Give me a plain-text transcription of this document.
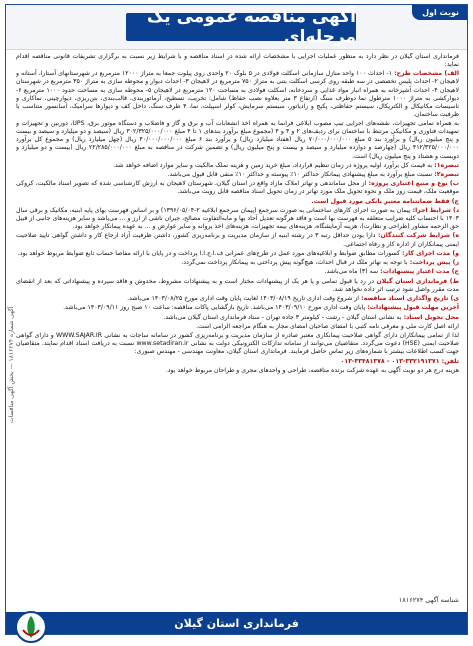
نوبت اول
آگهی مناقصه عمومی یک مرحله‌ای
آگهی شماره ۱۸۱۶۲۷۴ — بخش آگهی مناقصات

فرمانداری استان گیلان در نظر دارد به منظور عملیات اجرایی با مشخصات ارائه شده در اسناد مناقصه و با شرایط زیر نسبت به برگزاری تشریفات قانونی مناقصه اقدام نماید:

الف) مشخصات طرح: ۱- احداث ۱۰۰ واحد منازل سازمانی اسکلت فولادی در ۵ بلوک ۲۰ واحدی روی پیلوت جمعا به متراژ ۱۲۰۰۰ مترمربع در شهرستانهای آستارا، آستانه و لاهیجان ۲- احداث پلیس تخصصی در سه طبقه روی کرسی اسکلت بتنی به متراژ ۷۵۰ مترمربع در لاهیجان ۳- احداث دیوار و محوطه سازی به متراژ ۳۵۰ مترمربع در شهرستان لاهیجان ۴- احداث آشپزخانه به همراه انبار مواد غذایی و سردخانه، اسکلت فولادی به مساحت ۱۲۰ مترمربع در لاهیجان ۵- محوطه سازی به مساحت حدود ۱۰۰۰ مترمربع ۶- دیوارکشی به متراژ ۱۰۰۰ مترطول نما دوطرف سنگ (ارتفاع ۳ متر بعلاوه نصب حفاظ) شامل: تخریب، تسطیح، آرماتوربندی، قالب‌بندی، بتن‌ریزی، دیوارچینی، نماکاری و تاسیسات مکانیکال و الکتریکال، سیستم حفاظتی، پکیج و رادیاتور، سیستم سرمایش، کولر اسپیلت، نما، ۴ طرف سنگ، داخل کف و دیوارها سرامیک، آسانسور متناسب با ظرفیت ساختمان.

به همراه تمامی تجهیزات، نقشه‌های اجرایی تیپ مصوب ابلاغی فرانما به همراه اخذ انشعابات آب و برق و گاز و فاضلاب و دستگاه موتور برق، UPS، دوربین و تجهیزات و تمهیدات فناوری و مکانیکی مرتبط با ساختمان برای ردیف‌های ۲ و ۳ و ۴ (مجموع مبلغ برآورد بندهای ۱ تا ۴ مبلغ ۳۰۲/۳۲۵/۰۰۰/۰۰۰ ریال (سیصد و دو میلیارد و سیصد و بیست و پنج میلیون ریال) و برآورد بند ۵ مبلغ ۷۰/۰۰۰/۰۰۰/۰۰۰ ریال (هفتاد میلیارد ریال) و برآورد بند ۶ مبلغ ۴۰/۰۰۰/۰۰۰/۰۰۰ ریال (چهل میلیارد ریال) و مجموع کل برآورد ۴۱۲/۳۲۵/۰۰۰/۰۰۰ ریال (چهارصد و دوازده میلیارد و سیصد و بیست و پنج میلیون ریال) و تضمین شرکت در مناقصه به مبلغ ۲۲/۲۸۵/۰۰۰/۰۰۰ ریال (بیست و دو میلیارد و دویست و هشتاد و پنج میلیون ریال) است.

تبصره۱: به قیمت کل برآورد اولیه پروژه در زمان تنظیم قرارداد، مبلغ خرید زمین و هزینه تملک مالکیت و سایر موارد اضافه خواهد شد.

تبصره۲: نسبت مبلغ برآورد به مبلغ پیشنهادی پیمانکار حداکثر ۱۰٪ پیوسته و حداکثر ۱۰٪ منفی قابل قبول می‌باشد.

ب) نوع و منبع اعتباری پروژه: از محل ساماندهی و تهاتر املاک مازاد واقع در استان گیلان، شهرستان لاهیجان به ارزش کارشناسی شده که تصویر اسناد مالکیت، کروکی موقعیت ملک، قیمت روز ملک و نحوه تحویل ملک مورد تهاتر در زمان تحویل اسناد مناقصه قابل رویت می‌باشد.

ج) فقط ضمانتنامه معتبر بانکی مورد قبول است.

د) شرایط اجرا: پیمان به صورت اجرای کارهای ساختمانی به صورت سرجمع (پیمان سرجمع ابلاغیه ۲-۱۳۹۶/۰۵/۰۴) و بر اساس فهرست بهای پایه ابنیه، مکانیک و برقی سال ۱۴۰۳ با احتساب کلیه ضرایب متعلقه به فهرست بها است و فاقد هرگونه تعدیل آحاد بها و مابه‌التفاوت مصالح، جبران ناشی از ارز و ... می‌باشد و سایر هزینه‌های جانبی از قبیل حق الزحمه مشاور (طراحی و نظارت)، هزینه آزمایشگاه، هزینه‌های بیمه تجهیزات، هزینه‌های اخذ پروانه و سایر عوارض و ... به عهده پیمانکار خواهد بود.

ه) شرایط شرکت کنندگان: دارا بودن حداقل رتبه ۳ در رشته ابنیه از سازمان مدیریت و برنامه‌ریزی کشور، داشتن ظرفیت آزاد ارجاع کار و داشتن گواهی تایید صلاحیت ایمنی پیمانکاران از اداره کار و رفاه اجتماعی.

و) مدت اجرای کار: کسورات مطابق ضوابط و ابلاغیه‌های مورد عمل در طرح‌های عمرانی ف.ا.ج.ا.ا پرداخت و در پایان با ارائه مفاصا حساب تابع ضوابط مربوط خواهد بود.

ز) پیش پرداخت: با توجه به تهاتر ملک در قبال احداث، هیچ‌گونه پیش پرداختی به پیمانکار پرداخت نمی‌گردد.

ح) مدت اعتبار پیشنهادات: سه (۳) ماه می‌باشد.

ط) فرمانداری استان گیلان در رد یا قبول تمامی و یا هر یک از پیشنهادات مختار است و به پیشنهادات مشروط، مخدوش و فاقد سپرده و پیشنهاداتی که بعد از انقضای مدت مقرر واصل شود ترتیب اثر داده نخواهد شد.

ی) تاریخ واگذاری اسناد مناقصه: از شروع وقت اداری تاریخ ۱۴۰۳/۰۸/۱۹ لغایت پایان وقت اداری مورخ ۱۴۰۳/۰۸/۲۵ می‌باشد.

آخرین مهلت قبول پیشنهادات: پایان وقت اداری مورخ ۱۴۰۳/۰۹/۱۰ می‌باشد. تاریخ بازگشایی پاکات مناقصه: ساعت ۱۰ صبح روز ۱۴۰۳/۰۹/۱۱ می‌باشد.

محل تحویل اسناد: به نشانی استان گیلان - رشت - کیلومتر ۳ جاده تهران - ستاد فرمانداری استان گیلان می‌باشد.

ارائه اصل کارت ملی و معرفی نامه کتبی با امضای صاحبان امضای مجاز به هنگام مراجعه الزامی است.

لذا از تمامی پیمانکاران دارای گواهی صلاحیت پیمانکاری معتبر صادره از سازمان مدیریت و برنامه‌ریزی کشور در سامانه ساجات به نشانی WWW.SAJAR.IR و دارای گواهی صلاحیت ایمنی (HSE) دعوت می‌گردد. متقاضیان می‌توانند از سامانه تدارکات الکترونیکی دولت به نشانی www.setadiran.ir نسبت به دریافت اسناد اقدام نمایند. متقاضیان جهت کسب اطلاعات بیشتر با شماره‌های زیر تماس حاصل فرمایند. فرمانداری استان گیلان، معاونت مهندسی - مهندس صبوری:

تلفن: ۳۳۲۱۹۱۳۷۱-۰۱۳ - ۳۳۴۸۱۳۷۸-۰۱۳

هزینه درج هر دو نوبت آگهی به عهده شرکت برنده مناقصه، طراحی و واحدهای مجری و طراحان مربوط خواهد بود.

شناسه آگهی ۱۸۱۶۲۷۴
فرمانداری استان گیلان
